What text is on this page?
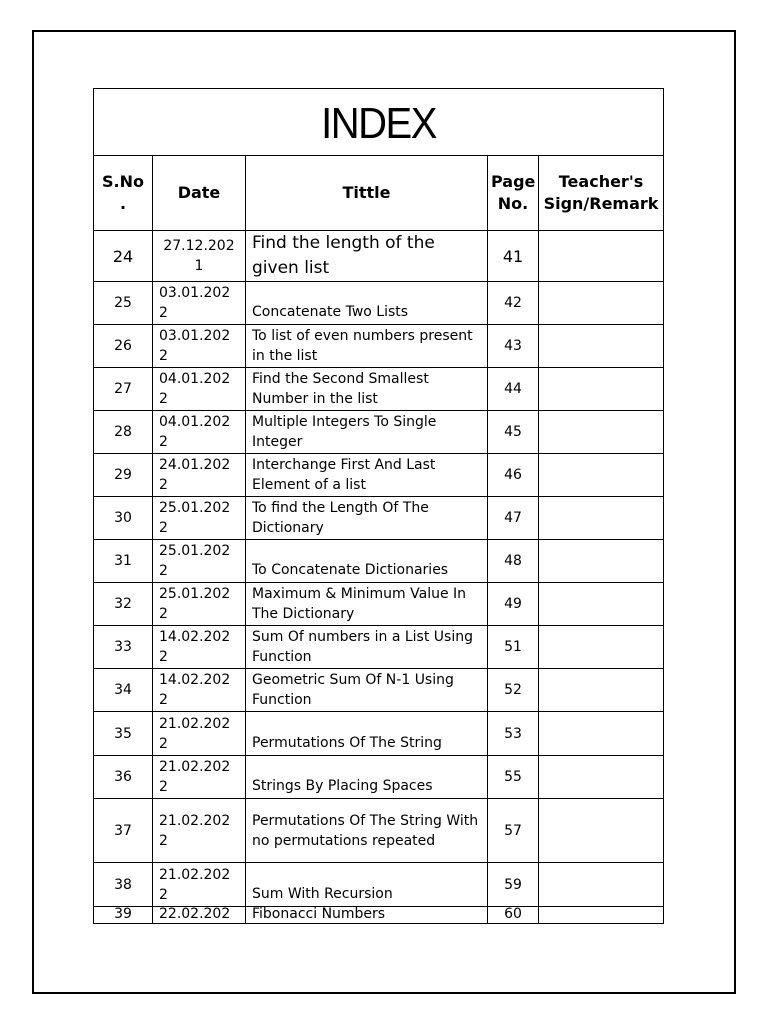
INDEX				
S.No .	Date	Tittle	Page No.	Teacher's Sign/Remark
24	27.12.2021	Find the length of the given list	41	
25	03.01.2022	Concatenate Two Lists	42	
26	03.01.2022	To list of even numbers present in the list	43	
27	04.01.2022	Find the Second Smallest Number in the list	44	
28	04.01.2022	Multiple Integers To Single Integer	45	
29	24.01.2022	Interchange First And Last Element of a list	46	
30	25.01.2022	To find the Length Of The Dictionary	47	
31	25.01.2022	To Concatenate Dictionaries	48	
32	25.01.2022	Maximum & Minimum Value In The Dictionary	49	
33	14.02.2022	Sum Of numbers in a List Using Function	51	
34	14.02.2022	Geometric Sum Of N-1 Using Function	52	
35	21.02.2022	Permutations Of The String	53	
36	21.02.2022	Strings By Placing Spaces	55	
37	21.02.2022	Permutations Of The String With no permutations repeated	57	
38	21.02.2022	Sum With Recursion	59	
39	22.02.202	Fibonacci Numbers	60	
